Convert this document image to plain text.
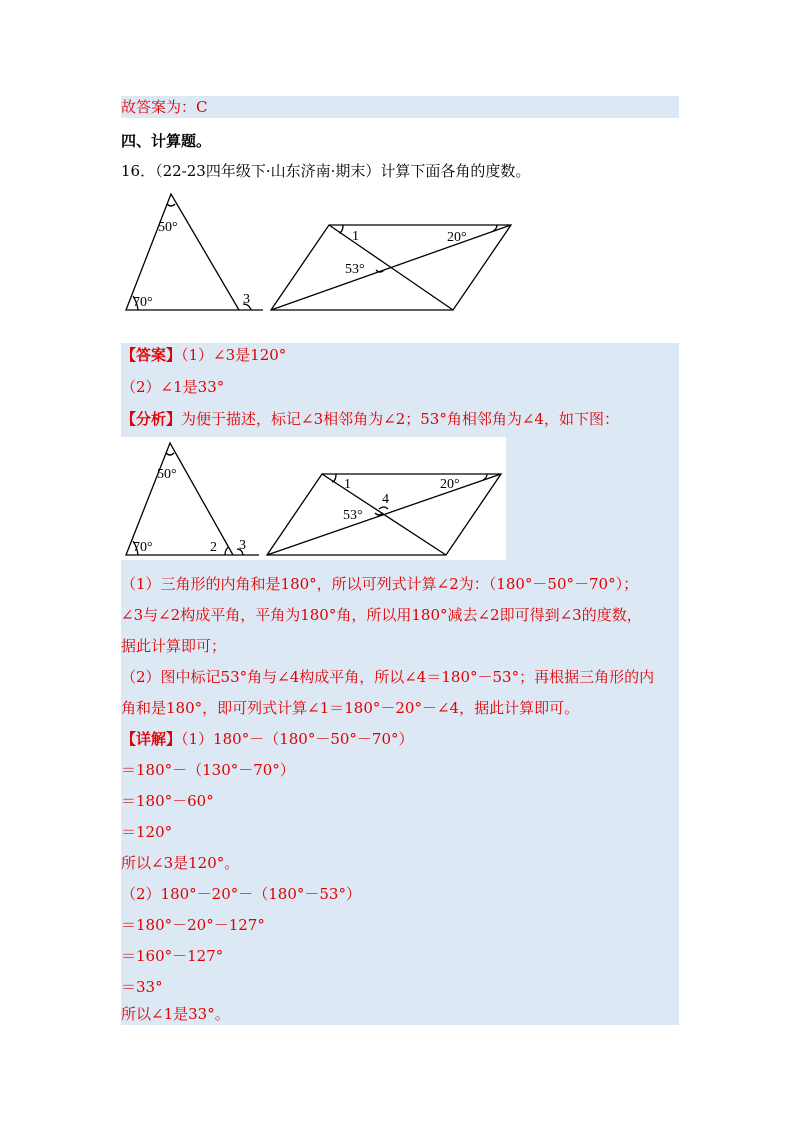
故答案为：C
四、计算题。
16．（22-23四年级下·山东济南·期末）计算下面各角的度数。
50°
70°	3
1	20°
53°
【答案】（1）∠3是120°
（2）∠1是33°
【分析】为便于描述，标记∠3相邻角为∠2；53°角相邻角为∠4，如下图：
50°
70°	2 3
1
4
20°
53°
（1）三角形的内角和是180°，所以可列式计算∠2为：（180°－50°－70°）；
∠3与∠2构成平角，平角为180°角，所以用180°减去∠2即可得到∠3的度数，
据此计算即可；
（2）图中标记53°角与∠4构成平角，所以∠4＝180°－53°；再根据三角形的内
角和是180°，即可列式计算∠1＝180°－20°－∠4，据此计算即可。
【详解】（1）180°－（180°－50°－70°）
＝180°－（130°－70°）
＝180°－60°
＝120°
所以∠3是120°。
（2）180°－20°－（180°－53°）
＝180°－20°－127°
＝160°－127°
＝33°
所以∠1是33°。
